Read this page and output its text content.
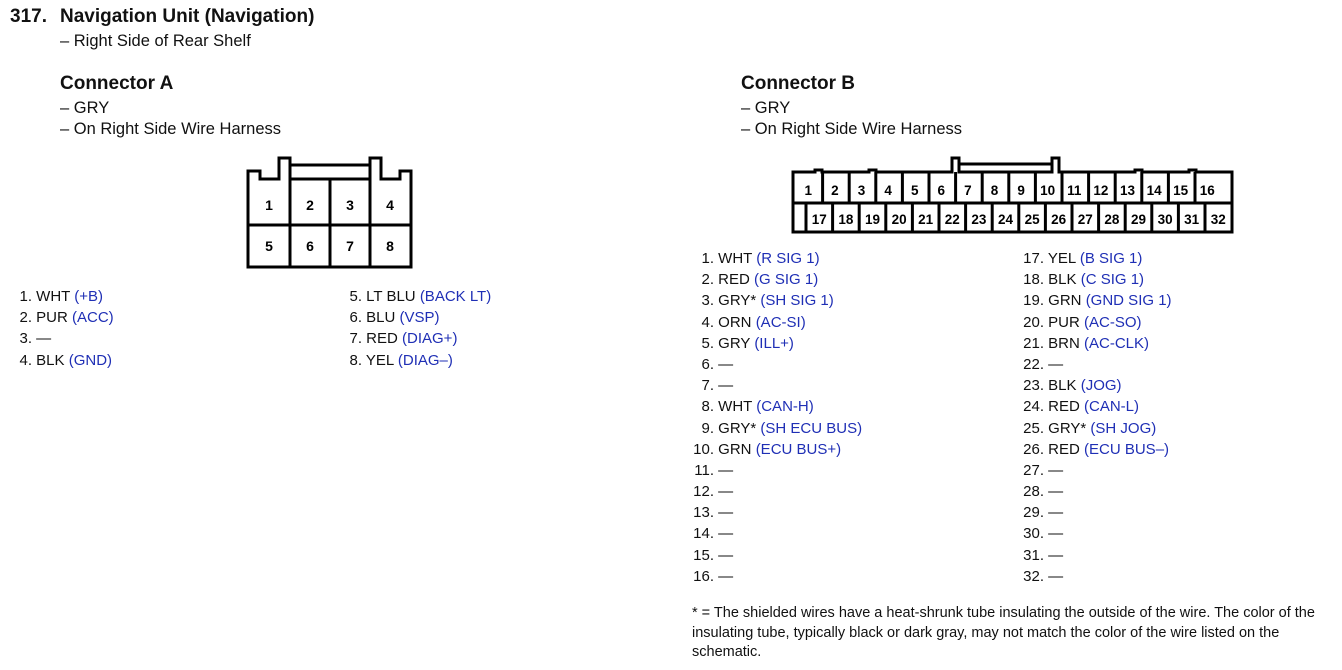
317. Navigation Unit (Navigation)
– Right Side of Rear Shelf
Connector A
– GRY
– On Right Side Wire Harness
1 2 3 4
5 6 7 8
1. WHT (+B)
2. PUR (ACC)
3. —
4. BLK (GND)
5. LT BLU (BACK LT)
6. BLU (VSP)
7. RED (DIAG+)
8. YEL (DIAG–)
Connector B
– GRY
– On Right Side Wire Harness
1 2 3 4 5 6 7 8 9 10 11 12 13 14 15 16
17 18 19 20 21 22 23 24 25 26 27 28 29 30 31 32
1. WHT (R SIG 1)
2. RED (G SIG 1)
3. GRY* (SH SIG 1)
4. ORN (AC-SI)
5. GRY (ILL+)
6. —
7. —
8. WHT (CAN-H)
9. GRY* (SH ECU BUS)
10. GRN (ECU BUS+)
11. —
12. —
13. —
14. —
15. —
16. —
17. YEL (B SIG 1)
18. BLK (C SIG 1)
19. GRN (GND SIG 1)
20. PUR (AC-SO)
21. BRN (AC-CLK)
22. —
23. BLK (JOG)
24. RED (CAN-L)
25. GRY* (SH JOG)
26. RED (ECU BUS–)
27. —
28. —
29. —
30. —
31. —
32. —
* = The shielded wires have a heat-shrunk tube insulating the outside of the wire. The color of the insulating tube, typically black or dark gray, may not match the color of the wire listed on the schematic.
